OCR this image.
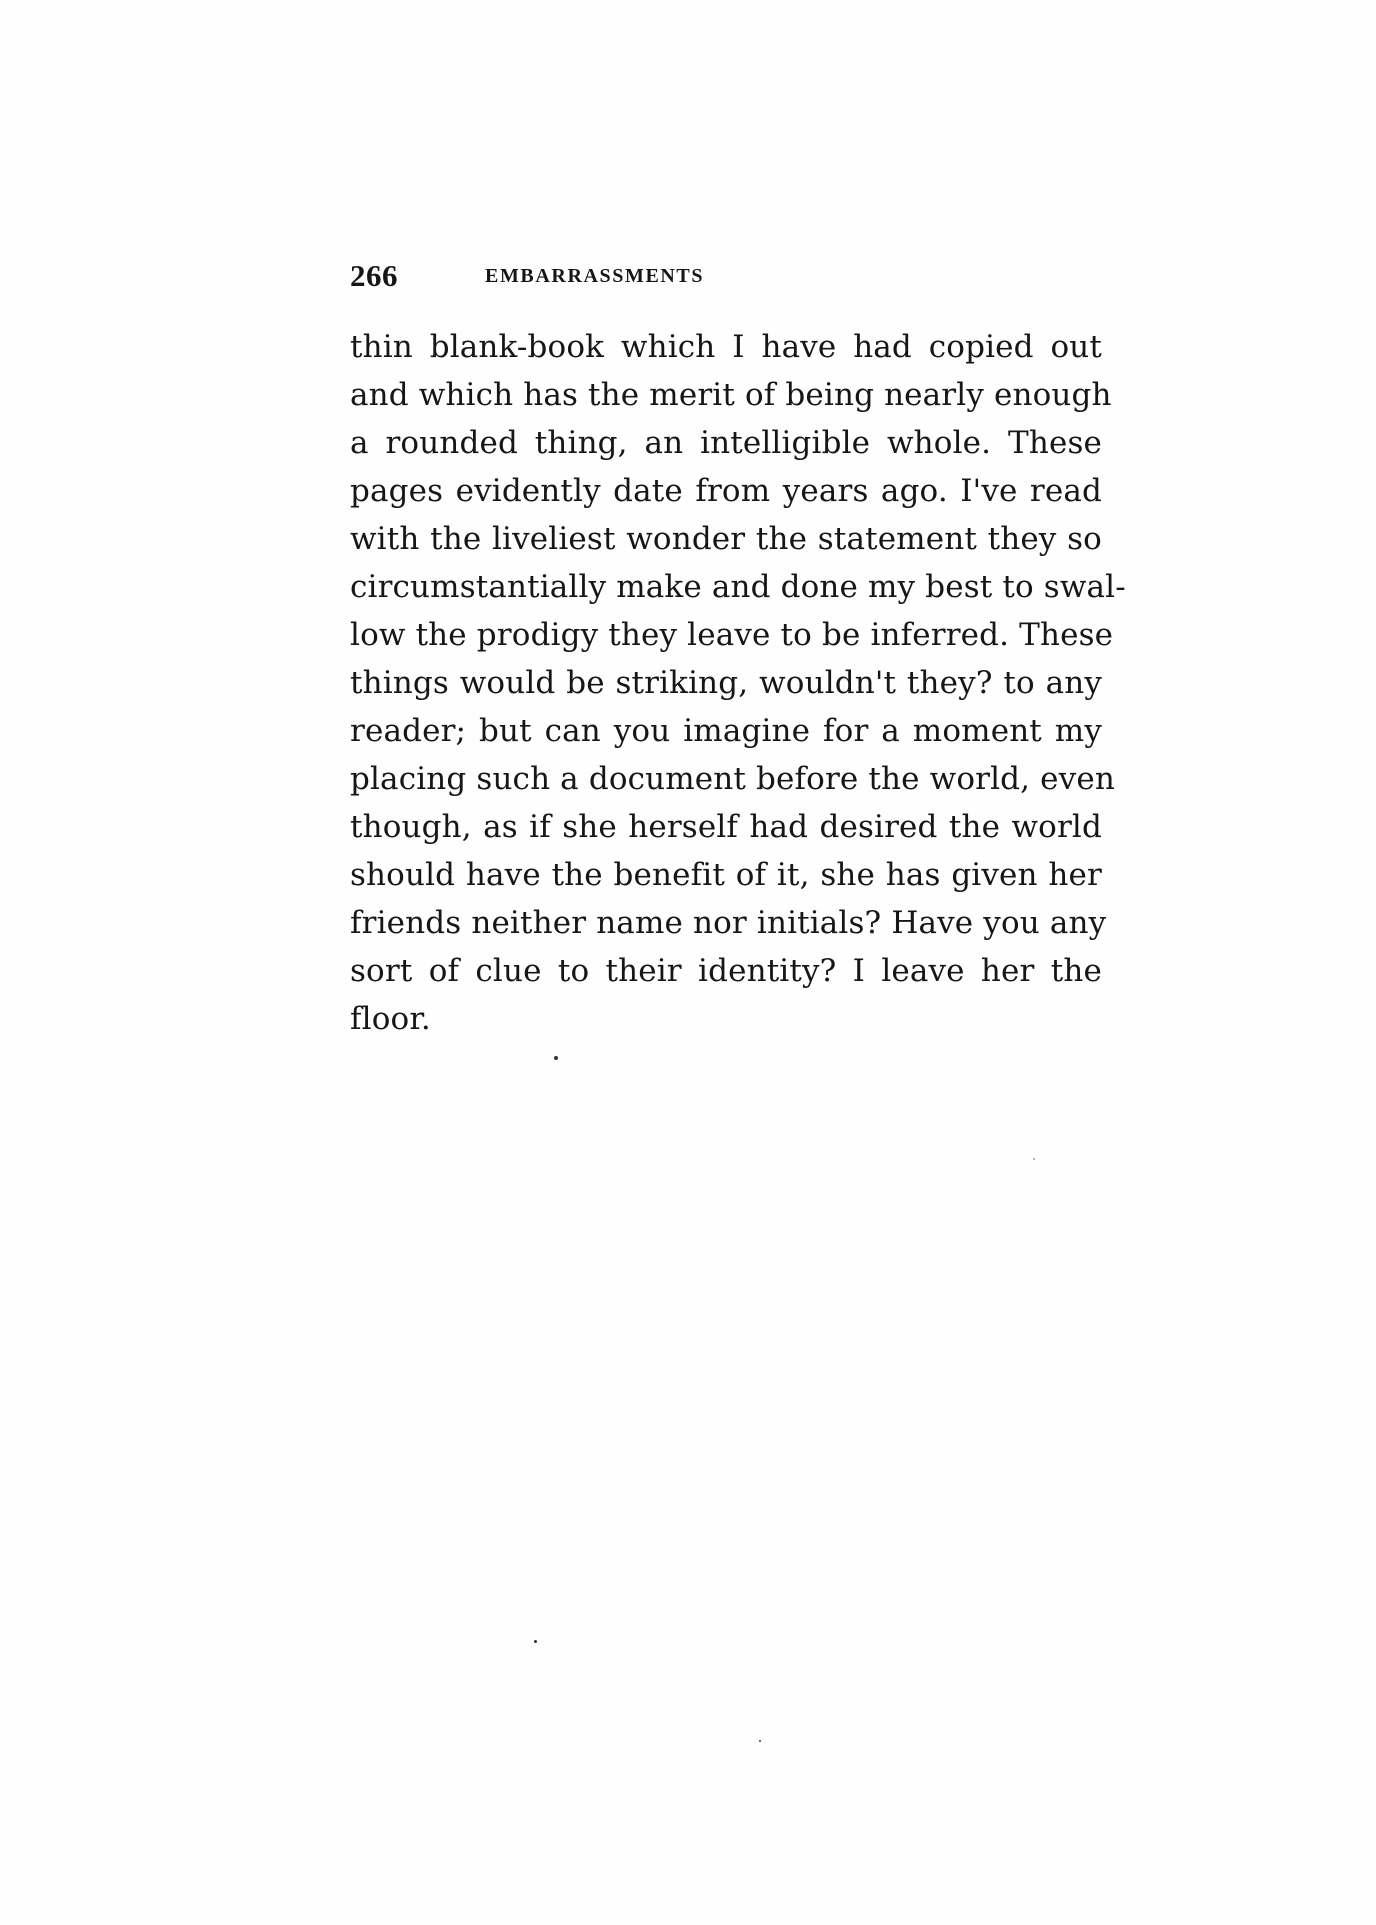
266	EMBARRASSMENTS
thin blank-book which I have had copied out
and which has the merit of being nearly enough
a rounded thing, an intelligible whole. These
pages evidently date from years ago. I've read
with the liveliest wonder the statement they so
circumstantially make and done my best to swal-
low the prodigy they leave to be inferred. These
things would be striking, wouldn't they? to any
reader; but can you imagine for a moment my
placing such a document before the world, even
though, as if she herself had desired the world
should have the benefit of it, she has given her
friends neither name nor initials? Have you any
sort of clue to their identity? I leave her the
floor.
